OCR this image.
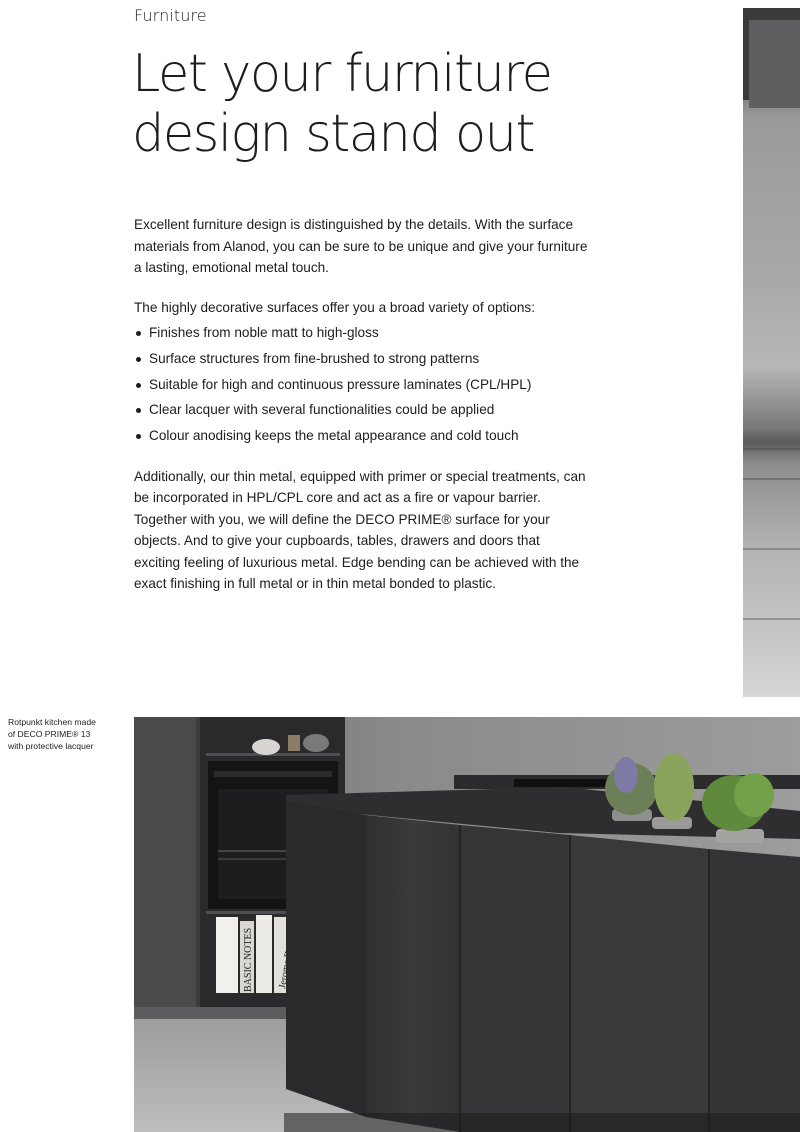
Furniture
Let your furniture
design stand out

Excellent furniture design is distinguished by the details. With the surface materials from Alanod, you can be sure to be unique and give your furniture a lasting, emotional metal touch.

The highly decorative surfaces offer you a broad variety of options:

Finishes from noble matt to high-gloss
Surface structures from fine-brushed to strong patterns
Suitable for high and continuous pressure laminates (CPL/HPL)
Clear lacquer with several functionalities could be applied
Colour anodising keeps the metal appearance and cold touch

Additionally, our thin metal, equipped with primer or special treatments, can be incorporated in HPL/CPL core and act as a fire or vapour barrier. Together with you, we will define the DECO PRIME® surface for your objects. And to give your cupboards, tables, drawers and doors that exciting feeling of luxurious metal. Edge bending can be achieved with the exact finishing in full metal or in thin metal bonded to plastic.

Rotpunkt kitchen made
of DECO PRIME® 13
with protective lacquer
BASIC NOTES Jerome
